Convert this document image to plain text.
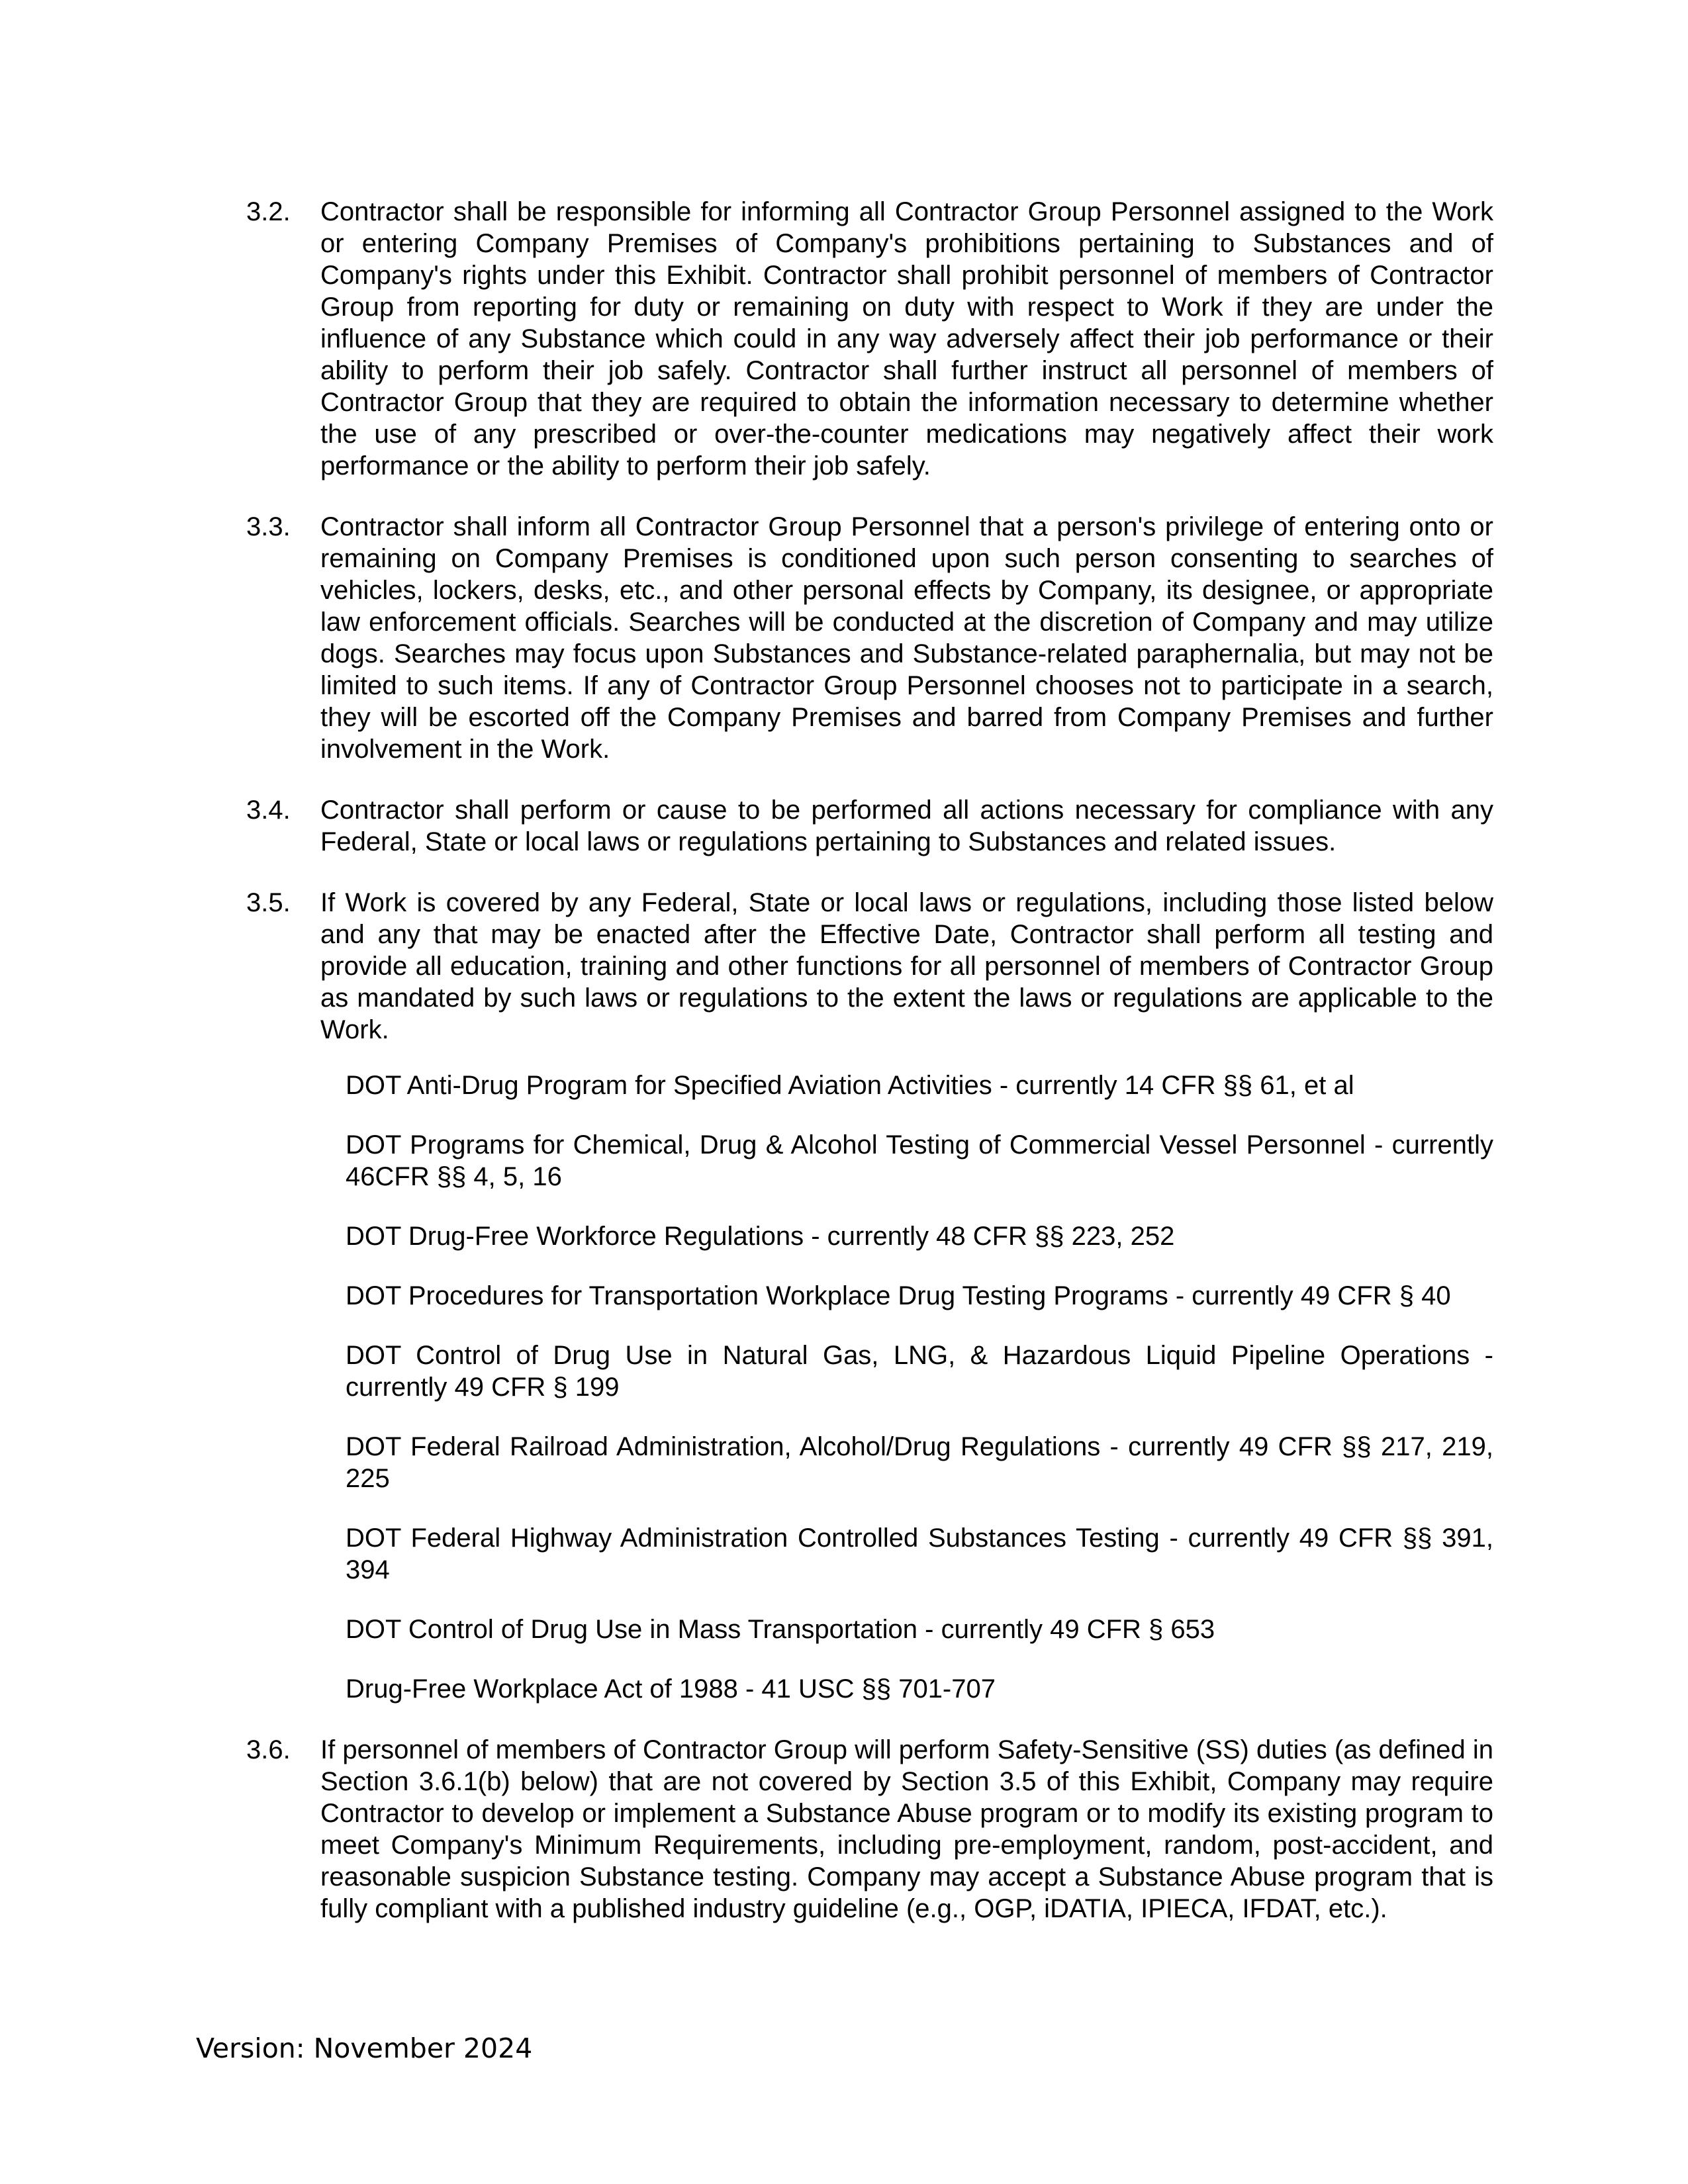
3.2.	Contractor shall be responsible for informing all Contractor Group Personnel assigned to the Work or entering Company Premises of Company's prohibitions pertaining to Substances and of Company's rights under this Exhibit. Contractor shall prohibit personnel of members of Contractor Group from reporting for duty or remaining on duty with respect to Work if they are under the influence of any Substance which could in any way adversely affect their job performance or their ability to perform their job safely. Contractor shall further instruct all personnel of members of Contractor Group that they are required to obtain the information necessary to determine whether the use of any prescribed or over-the-counter medications may negatively affect their work performance or the ability to perform their job safely.
3.3.	Contractor shall inform all Contractor Group Personnel that a person's privilege of entering onto or remaining on Company Premises is conditioned upon such person consenting to searches of vehicles, lockers, desks, etc., and other personal effects by Company, its designee, or appropriate law enforcement officials. Searches will be conducted at the discretion of Company and may utilize dogs. Searches may focus upon Substances and Substance-related paraphernalia, but may not be limited to such items. If any of Contractor Group Personnel chooses not to participate in a search, they will be escorted off the Company Premises and barred from Company Premises and further involvement in the Work.
3.4.	Contractor shall perform or cause to be performed all actions necessary for compliance with any Federal, State or local laws or regulations pertaining to Substances and related issues.
3.5.	If Work is covered by any Federal, State or local laws or regulations, including those listed below and any that may be enacted after the Effective Date, Contractor shall perform all testing and provide all education, training and other functions for all personnel of members of Contractor Group as mandated by such laws or regulations to the extent the laws or regulations are applicable to the Work.
DOT Anti-Drug Program for Specified Aviation Activities - currently 14 CFR §§ 61, et al
DOT Programs for Chemical, Drug & Alcohol Testing of Commercial Vessel Personnel - currently 46CFR §§ 4, 5, 16
DOT Drug-Free Workforce Regulations - currently 48 CFR §§ 223, 252
DOT Procedures for Transportation Workplace Drug Testing Programs - currently 49 CFR § 40
DOT Control of Drug Use in Natural Gas, LNG, & Hazardous Liquid Pipeline Operations - currently 49 CFR § 199
DOT Federal Railroad Administration, Alcohol/Drug Regulations - currently 49 CFR §§ 217, 219, 225
DOT Federal Highway Administration Controlled Substances Testing - currently 49 CFR §§ 391, 394
DOT Control of Drug Use in Mass Transportation - currently 49 CFR § 653
Drug-Free Workplace Act of 1988 - 41 USC §§ 701-707
3.6.	If personnel of members of Contractor Group will perform Safety-Sensitive (SS) duties (as defined in Section 3.6.1(b) below) that are not covered by Section 3.5 of this Exhibit, Company may require Contractor to develop or implement a Substance Abuse program or to modify its existing program to meet Company's Minimum Requirements, including pre-employment, random, post-accident, and reasonable suspicion Substance testing. Company may accept a Substance Abuse program that is fully compliant with a published industry guideline (e.g., OGP, iDATIA, IPIECA, IFDAT, etc.).
Version: November 2024
